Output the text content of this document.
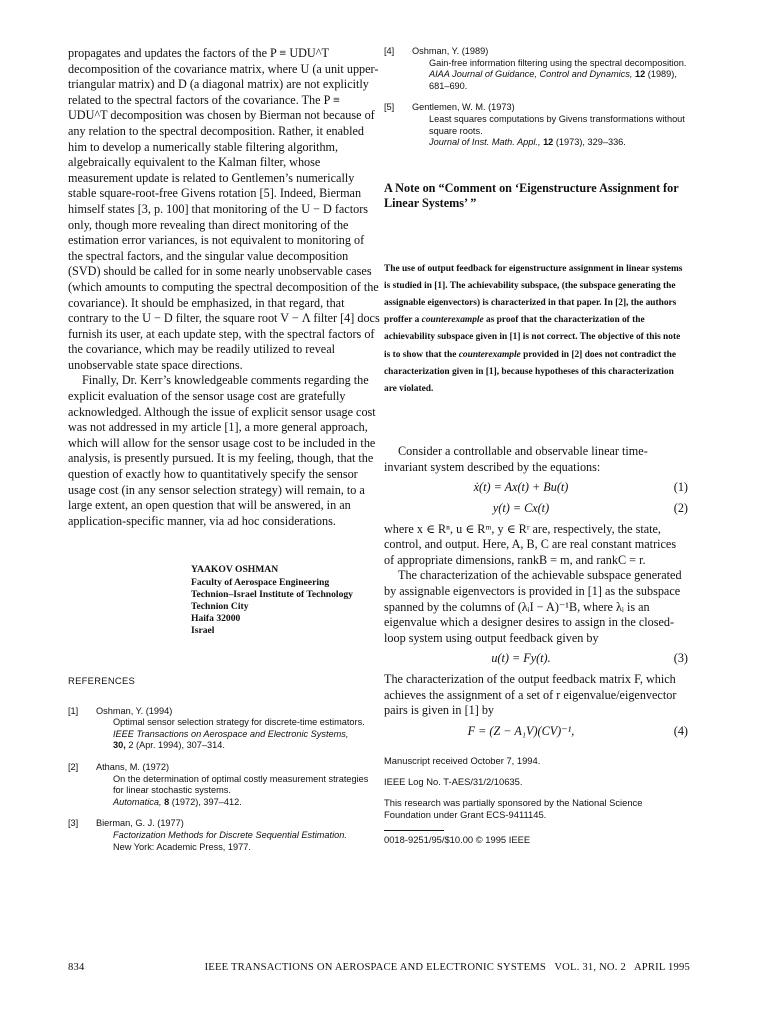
propagates and updates the factors of the P ≡ UDU^T decomposition of the covariance matrix, where U (a unit upper-triangular matrix) and D (a diagonal matrix) are not explicitly related to the spectral factors of the covariance. The P ≡ UDU^T decomposition was chosen by Bierman not because of any relation to the spectral decomposition. Rather, it enabled him to develop a numerically stable filtering algorithm, algebraically equivalent to the Kalman filter, whose measurement update is related to Gentlemen’s numerically stable square-root-free Givens rotation [5]. Indeed, Bierman himself states [3, p. 100] that monitoring of the U − D factors only, though more revealing than direct monitoring of the estimation error variances, is not equivalent to monitoring of the spectral factors, and the singular value decomposition (SVD) should be called for in some nearly unobservable cases (which amounts to computing the spectral decomposition of the covariance). It should be emphasized, in that regard, that contrary to the U − D filter, the square root V − Λ filter [4] docs furnish its user, at each update step, with the spectral factors of the covariance, which may be readily utilized to reveal unobservable state space directions.

Finally, Dr. Kerr’s knowledgeable comments regarding the explicit evaluation of the sensor usage cost are gratefully acknowledged. Although the issue of explicit sensor usage cost was not addressed in my article [1], a more general approach, which will allow for the sensor usage cost to be included in the analysis, is presently pursued. It is my feeling, though, that the question of exactly how to quantitatively specify the sensor usage cost (in any sensor selection strategy) will remain, to a large extent, an open question that will be answered, in an application-specific manner, via ad hoc considerations.

YAAKOV OSHMAN
Faculty of Aerospace Engineering
Technion–Israel Institute of Technology
Technion City
Haifa 32000
Israel
REFERENCES
[1]	Oshman, Y. (1994)
Optimal sensor selection strategy for discrete-time estimators.
IEEE Transactions on Aerospace and Electronic Systems,
30, 2 (Apr. 1994), 307–314.
[2]	Athans, M. (1972)
On the determination of optimal costly measurement strategies for linear stochastic systems.
Automatica, 8 (1972), 397–412.
[3]	Bierman, G. J. (1977)
Factorization Methods for Discrete Sequential Estimation.
New York: Academic Press, 1977.
[4]	Oshman, Y. (1989)
Gain-free information filtering using the spectral decomposition.
AIAA Journal of Guidance, Control and Dynamics, 12 (1989), 681–690.
[5]	Gentlemen, W. M. (1973)
Least squares computations by Givens transformations without square roots.
Journal of Inst. Math. Appl., 12 (1973), 329–336.
A Note on “Comment on ‘Eigenstructure Assignment for Linear Systems’ ”
The use of output feedback for eigenstructure assignment in linear systems is studied in [1]. The achievability subspace, (the subspace generating the assignable eigenvectors) is characterized in that paper. In [2], the authors proffer a counterexample as proof that the characterization of the achievability subspace given in [1] is not correct. The objective of this note is to show that the counterexample provided in [2] does not contradict the characterization given in [1], because hypotheses of this characterization are violated.

Consider a controllable and observable linear time-invariant system described by the equations:

ẋ(t) = Ax(t) + Bu(t)	(1)
y(t) = Cx(t)	(2)

where x ∈ Rⁿ, u ∈ Rᵐ, y ∈ Rʳ are, respectively, the state, control, and output. Here, A, B, C are real constant matrices of appropriate dimensions, rankB = m, and rankC = r.

The characterization of the achievable subspace generated by assignable eigenvectors is provided in [1] as the subspace spanned by the columns of (λᵢI − A)⁻¹B, where λᵢ is an eigenvalue which a designer desires to assign in the closed-loop system using output feedback given by

u(t) = Fy(t).	(3)

The characterization of the output feedback matrix F, which achieves the assignment of a set of r eigenvalue/eigenvector pairs is given in [1] by

F = (Z − A₁V)(CV)⁻¹,	(4)

Manuscript received October 7, 1994.

IEEE Log No. T-AES/31/2/10635.

This research was partially sponsored by the National Science Foundation under Grant ECS-9411145.

0018-9251/95/$10.00 © 1995 IEEE

834	IEEE TRANSACTIONS ON AEROSPACE AND ELECTRONIC SYSTEMS   VOL. 31, NO. 2   APRIL 1995
